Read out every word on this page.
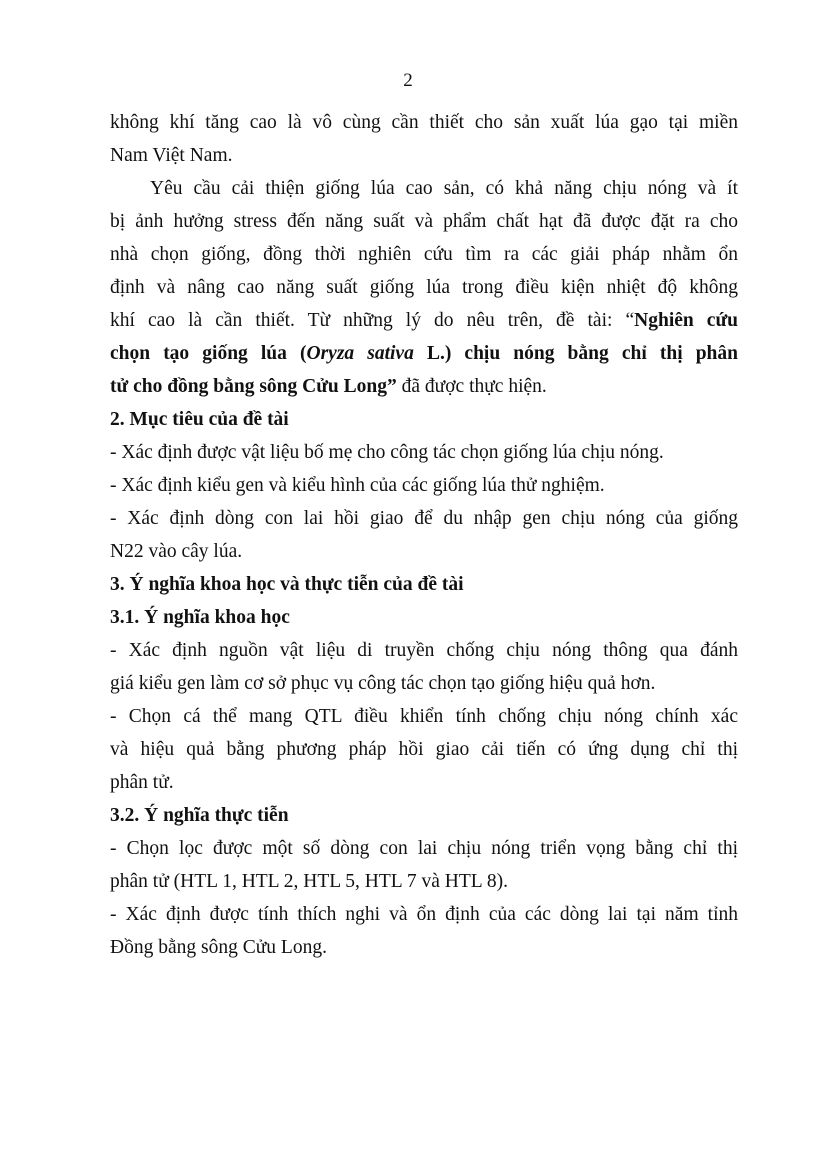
2

không khí tăng cao là vô cùng cần thiết cho sản xuất lúa gạo tại miền

Nam Việt Nam.

Yêu cầu cải thiện giống lúa cao sản, có khả năng chịu nóng và ít

bị ảnh hưởng stress đến năng suất và phẩm chất hạt đã được đặt ra cho

nhà chọn giống, đồng thời nghiên cứu tìm ra các giải pháp nhằm ổn

định và nâng cao năng suất giống lúa trong điều kiện nhiệt độ không

khí cao là cần thiết. Từ những lý do nêu trên, đề tài: “Nghiên cứu

chọn tạo giống lúa (Oryza sativa L.) chịu nóng bằng chỉ thị phân

tử cho đồng bằng sông Cửu Long” đã được thực hiện.

2. Mục tiêu của đề tài

- Xác định được vật liệu bố mẹ cho công tác chọn giống lúa chịu nóng.

- Xác định kiểu gen và kiểu hình của các giống lúa thử nghiệm.

- Xác định dòng con lai hồi giao để du nhập gen chịu nóng của giống

N22 vào cây lúa.

3. Ý nghĩa khoa học và thực tiễn của đề tài

3.1. Ý nghĩa khoa học

- Xác định nguồn vật liệu di truyền chống chịu nóng thông qua đánh

giá kiểu gen làm cơ sở phục vụ công tác chọn tạo giống hiệu quả hơn.

- Chọn cá thể mang QTL điều khiển tính chống chịu nóng chính xác

và hiệu quả bằng phương pháp hồi giao cải tiến có ứng dụng chỉ thị

phân tử.

3.2. Ý nghĩa thực tiễn

- Chọn lọc được một số dòng con lai chịu nóng triển vọng bằng chỉ thị

phân tử (HTL 1, HTL 2, HTL 5, HTL 7 và HTL 8).

- Xác định được tính thích nghi và ổn định của các dòng lai tại năm tỉnh

Đồng bằng sông Cửu Long.
